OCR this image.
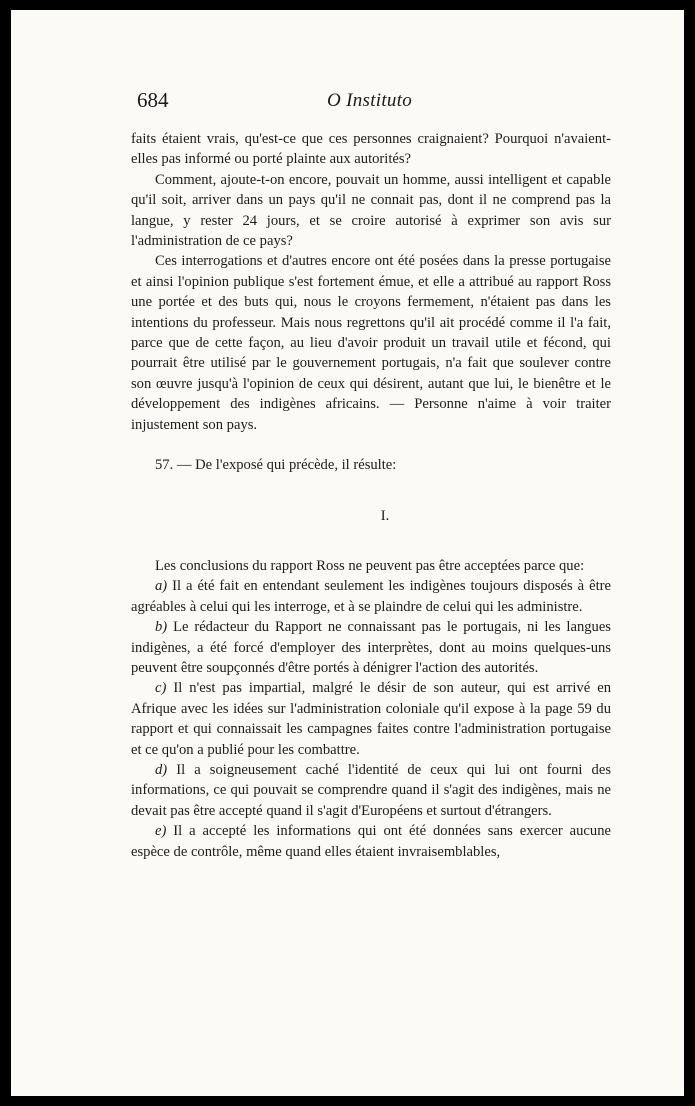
684	O Instituto

faits étaient vrais, qu'est-ce que ces personnes craignaient? Pourquoi n'avaient-elles pas informé ou porté plainte aux autorités?

Comment, ajoute-t-on encore, pouvait un homme, aussi intelligent et capable qu'il soit, arriver dans un pays qu'il ne connait pas, dont il ne comprend pas la langue, y rester 24 jours, et se croire autorisé à exprimer son avis sur l'administration de ce pays?

Ces interrogations et d'autres encore ont été posées dans la presse portugaise et ainsi l'opinion publique s'est fortement émue, et elle a attribué au rapport Ross une portée et des buts qui, nous le croyons fermement, n'étaient pas dans les intentions du professeur. Mais nous regrettons qu'il ait procédé comme il l'a fait, parce que de cette façon, au lieu d'avoir produit un travail utile et fécond, qui pourrait être utilisé par le gouvernement portugais, n'a fait que soulever contre son œuvre jusqu'à l'opinion de ceux qui désirent, autant que lui, le bienêtre et le développement des indigènes africains. — Personne n'aime à voir traiter injustement son pays.

57. — De l'exposé qui précède, il résulte:

I.

Les conclusions du rapport Ross ne peuvent pas être acceptées parce que:

a) Il a été fait en entendant seulement les indigènes toujours disposés à être agréables à celui qui les interroge, et à se plaindre de celui qui les administre.

b) Le rédacteur du Rapport ne connaissant pas le portugais, ni les langues indigènes, a été forcé d'employer des interprètes, dont au moins quelques-uns peuvent être soupçonnés d'être portés à dénigrer l'action des autorités.

c) Il n'est pas impartial, malgré le désir de son auteur, qui est arrivé en Afrique avec les idées sur l'administration coloniale qu'il expose à la page 59 du rapport et qui connaissait les campagnes faites contre l'administration portugaise et ce qu'on a publié pour les combattre.

d) Il a soigneusement caché l'identité de ceux qui lui ont fourni des informations, ce qui pouvait se comprendre quand il s'agit des indigènes, mais ne devait pas être accepté quand il s'agit d'Européens et surtout d'étrangers.

e) Il a accepté les informations qui ont été données sans exercer aucune espèce de contrôle, même quand elles étaient invraisemblables,
